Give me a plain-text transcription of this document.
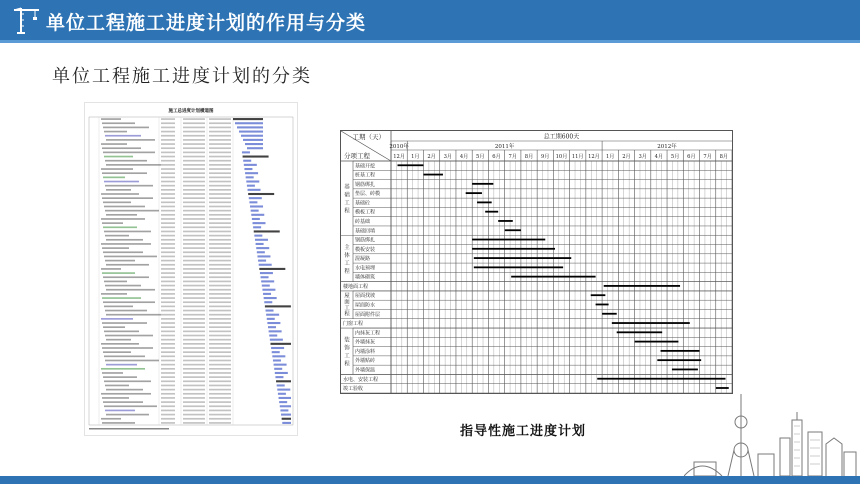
单位工程施工进度计划的作用与分类
单位工程施工进度计划的分类
施工总进度计划横道图
工期（天）
分项工程
总工期600天
2010年	2011年	2012年
12月 1月 2月 3月 4月 5月 6月 7月 8月 9月 10月 11月 12月 1月 2月 3月 4月 5月 6月 7月 8月
基
础
工
程
基础开挖
桩基工程
钢筋绑扎
垫层、砖模
基础砼
模板工程
砖基础
基础回填
主
体
工
程
钢筋绑扎
模板安装
混凝路
水电预埋
墙体砌筑
楼地面工程
屋
面
工
程
屋面找坡
屋面防水
屋面附件层
门窗工程
装
饰
工
程
内抹灰工程
外墙抹灰
内墙涂料
外墙贴砖
外墙保温
水电、安装工程
竣工验收
指导性施工进度计划
